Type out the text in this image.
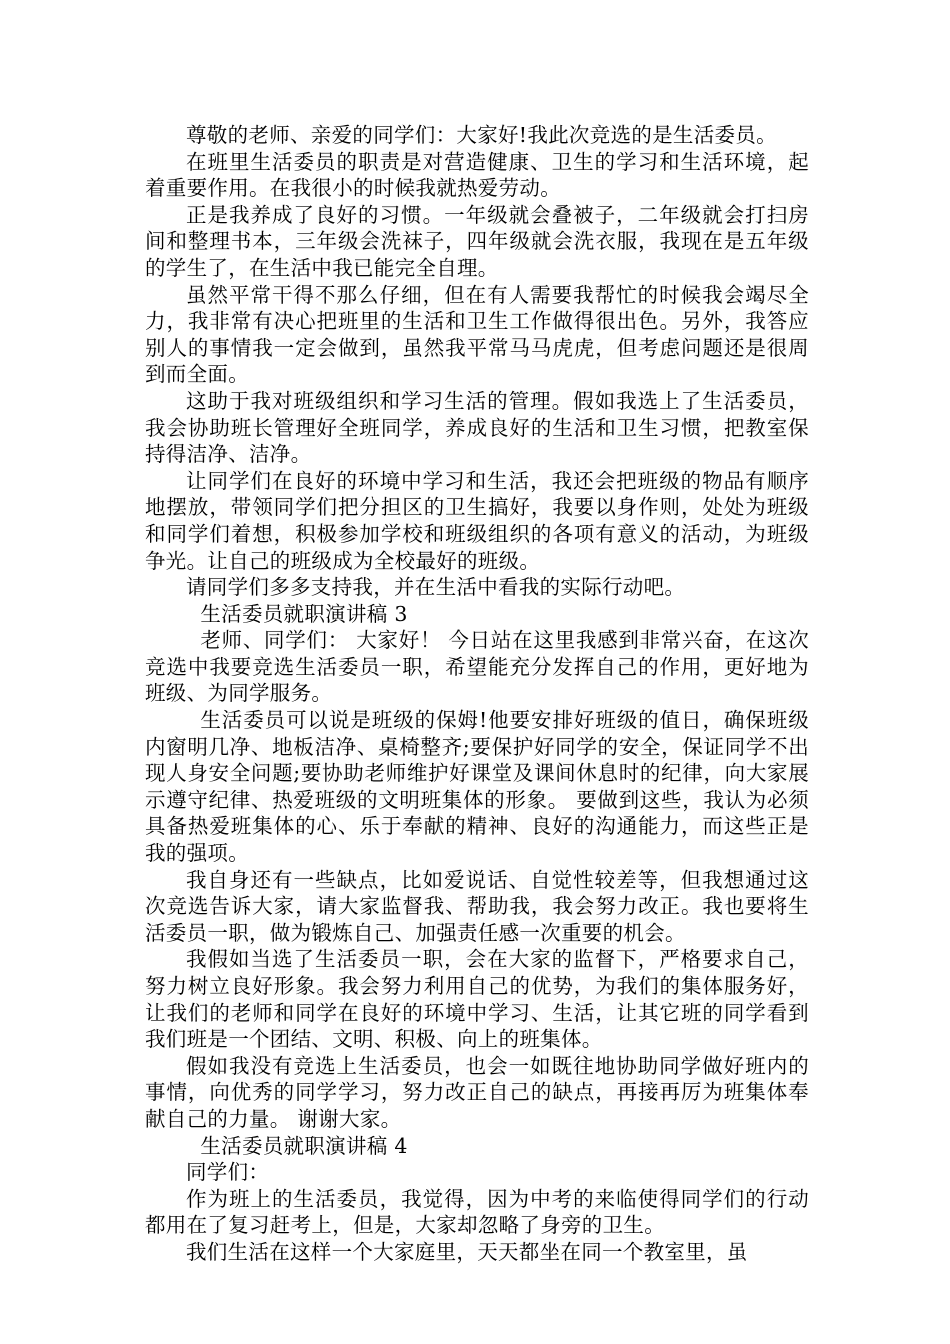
尊敬的老师、亲爱的同学们：大家好!我此次竞选的是生活委员。

在班里生活委员的职责是对营造健康、卫生的学习和生活环境，起着重要作用。在我很小的时候我就热爱劳动。

正是我养成了良好的习惯。一年级就会叠被子，二年级就会打扫房间和整理书本，三年级会洗袜子，四年级就会洗衣服，我现在是五年级的学生了，在生活中我已能完全自理。

虽然平常干得不那么仔细，但在有人需要我帮忙的时候我会竭尽全力，我非常有决心把班里的生活和卫生工作做得很出色。另外，我答应别人的事情我一定会做到，虽然我平常马马虎虎，但考虑问题还是很周到而全面。

这助于我对班级组织和学习生活的管理。假如我选上了生活委员，我会协助班长管理好全班同学，养成良好的生活和卫生习惯，把教室保持得洁净、洁净。

让同学们在良好的环境中学习和生活，我还会把班级的物品有顺序地摆放，带领同学们把分担区的卫生搞好，我要以身作则，处处为班级和同学们着想，积极参加学校和班级组织的各项有意义的活动，为班级争光。让自己的班级成为全校最好的班级。

请同学们多多支持我，并在生活中看我的实际行动吧。

生活委员就职演讲稿 3

老师、同学们： 大家好！ 今日站在这里我感到非常兴奋，在这次竞选中我要竞选生活委员一职，希望能充分发挥自己的作用，更好地为班级、为同学服务。

生活委员可以说是班级的保姆!他要安排好班级的值日，确保班级内窗明几净、地板洁净、桌椅整齐;要保护好同学的安全，保证同学不出现人身安全问题;要协助老师维护好课堂及课间休息时的纪律，向大家展示遵守纪律、热爱班级的文明班集体的形象。 要做到这些，我认为必须具备热爱班集体的心、乐于奉献的精神、良好的沟通能力，而这些正是我的强项。

我自身还有一些缺点，比如爱说话、自觉性较差等，但我想通过这次竞选告诉大家，请大家监督我、帮助我，我会努力改正。我也要将生活委员一职，做为锻炼自己、加强责任感一次重要的机会。

我假如当选了生活委员一职，会在大家的监督下，严格要求自己，努力树立良好形象。我会努力利用自己的优势，为我们的集体服务好，让我们的老师和同学在良好的环境中学习、生活，让其它班的同学看到我们班是一个团结、文明、积极、向上的班集体。

假如我没有竞选上生活委员，也会一如既往地协助同学做好班内的事情，向优秀的同学学习，努力改正自己的缺点，再接再厉为班集体奉献自己的力量。 谢谢大家。

生活委员就职演讲稿 4

同学们：

作为班上的生活委员，我觉得，因为中考的来临使得同学们的行动都用在了复习赶考上，但是，大家却忽略了身旁的卫生。

我们生活在这样一个大家庭里，天天都坐在同一个教室里，虽
